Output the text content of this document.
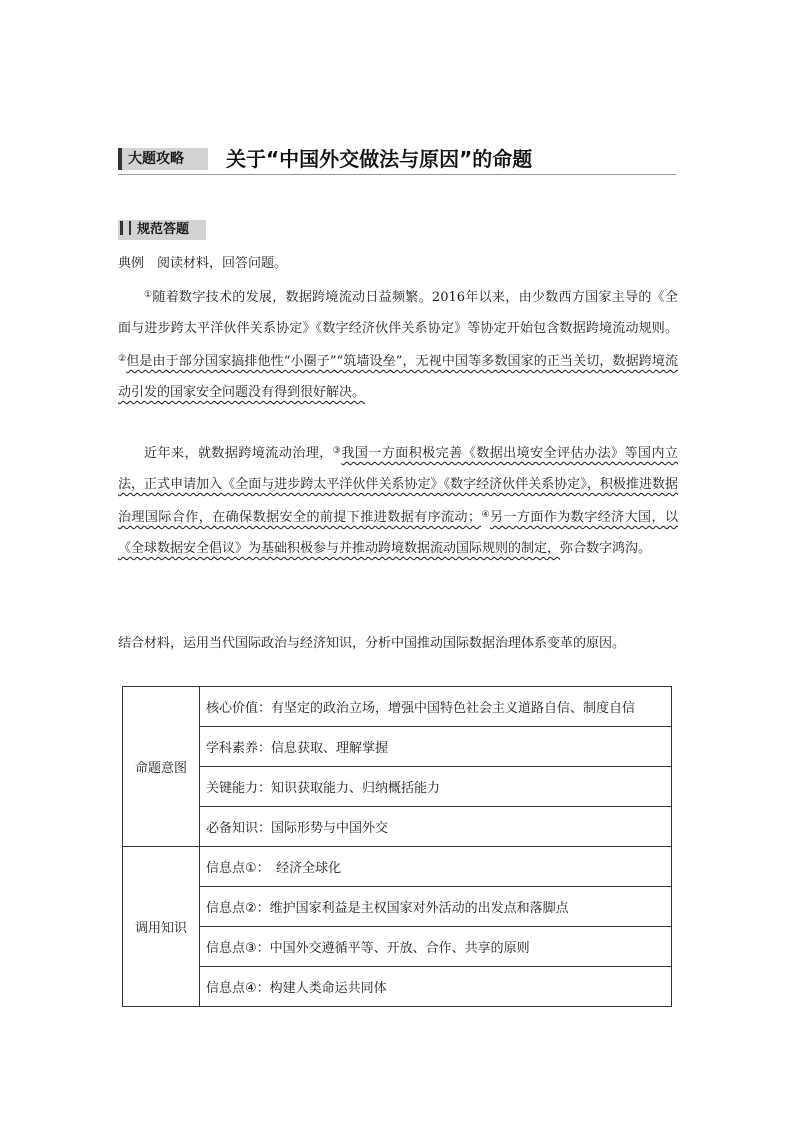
大题攻略	关于“中国外交做法与原因”的命题
规范答题
典例　阅读材料，回答问题。

①随着数字技术的发展，数据跨境流动日益频繁。2016年以来，由少数西方国家主导的《全面与进步跨太平洋伙伴关系协定》《数字经济伙伴关系协定》等协定开始包含数据跨境流动规则。②但是由于部分国家搞排他性“小圈子”“筑墙设垒”，无视中国等多数国家的正当关切，数据跨境流动引发的国家安全问题没有得到很好解决。

近年来，就数据跨境流动治理，③我国一方面积极完善《数据出境安全评估办法》等国内立法，正式申请加入《全面与进步跨太平洋伙伴关系协定》《数字经济伙伴关系协定》，积极推进数据治理国际合作，在确保数据安全的前提下推进数据有序流动；④另一方面作为数字经济大国，以《全球数据安全倡议》为基础积极参与并推动跨境数据流动国际规则的制定，弥合数字鸿沟。

结合材料，运用当代国际政治与经济知识，分析中国推动国际数据治理体系变革的原因。
命题意图	核心价值：有坚定的政治立场，增强中国特色社会主义道路自信、制度自信
	学科素养：信息获取、理解掌握
	关键能力：知识获取能力、归纳概括能力
	必备知识：国际形势与中国外交
调用知识	信息点①：　经济全球化
	信息点②：维护国家利益是主权国家对外活动的出发点和落脚点
	信息点③：中国外交遵循平等、开放、合作、共享的原则
	信息点④：构建人类命运共同体
